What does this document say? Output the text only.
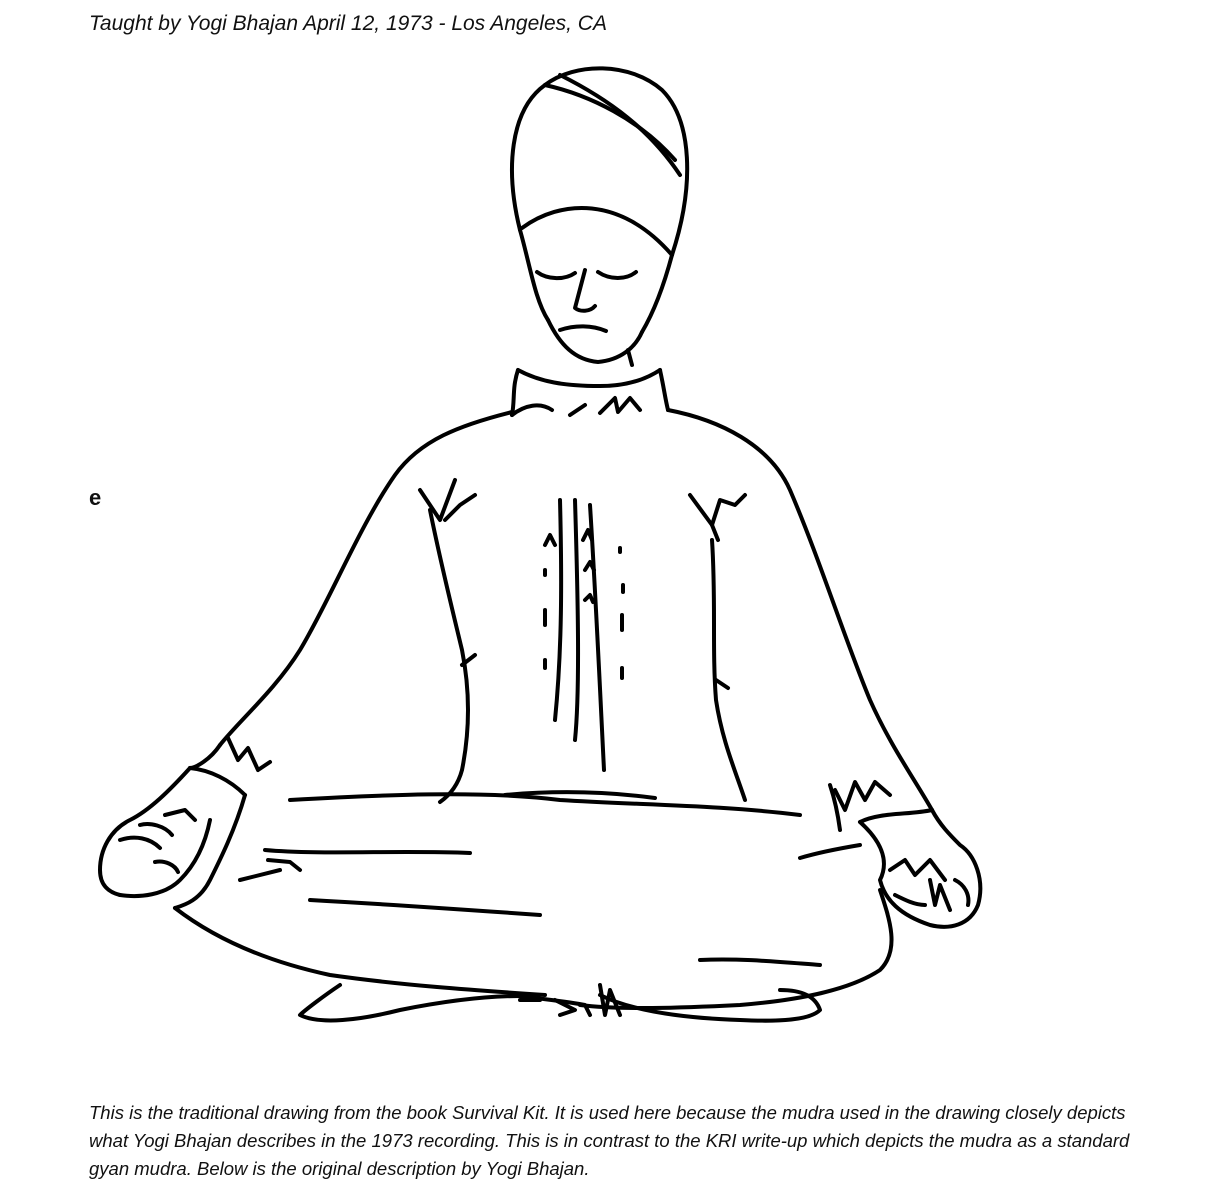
Taught by Yogi Bhajan April 12, 1973 - Los Angeles, CA
e
This is the traditional drawing from the book Survival Kit. It is used here because the mudra used in the drawing closely depicts what Yogi Bhajan describes in the 1973 recording. This is in contrast to the KRI write-up which depicts the mudra as a standard gyan mudra. Below is the original description by Yogi Bhajan.
